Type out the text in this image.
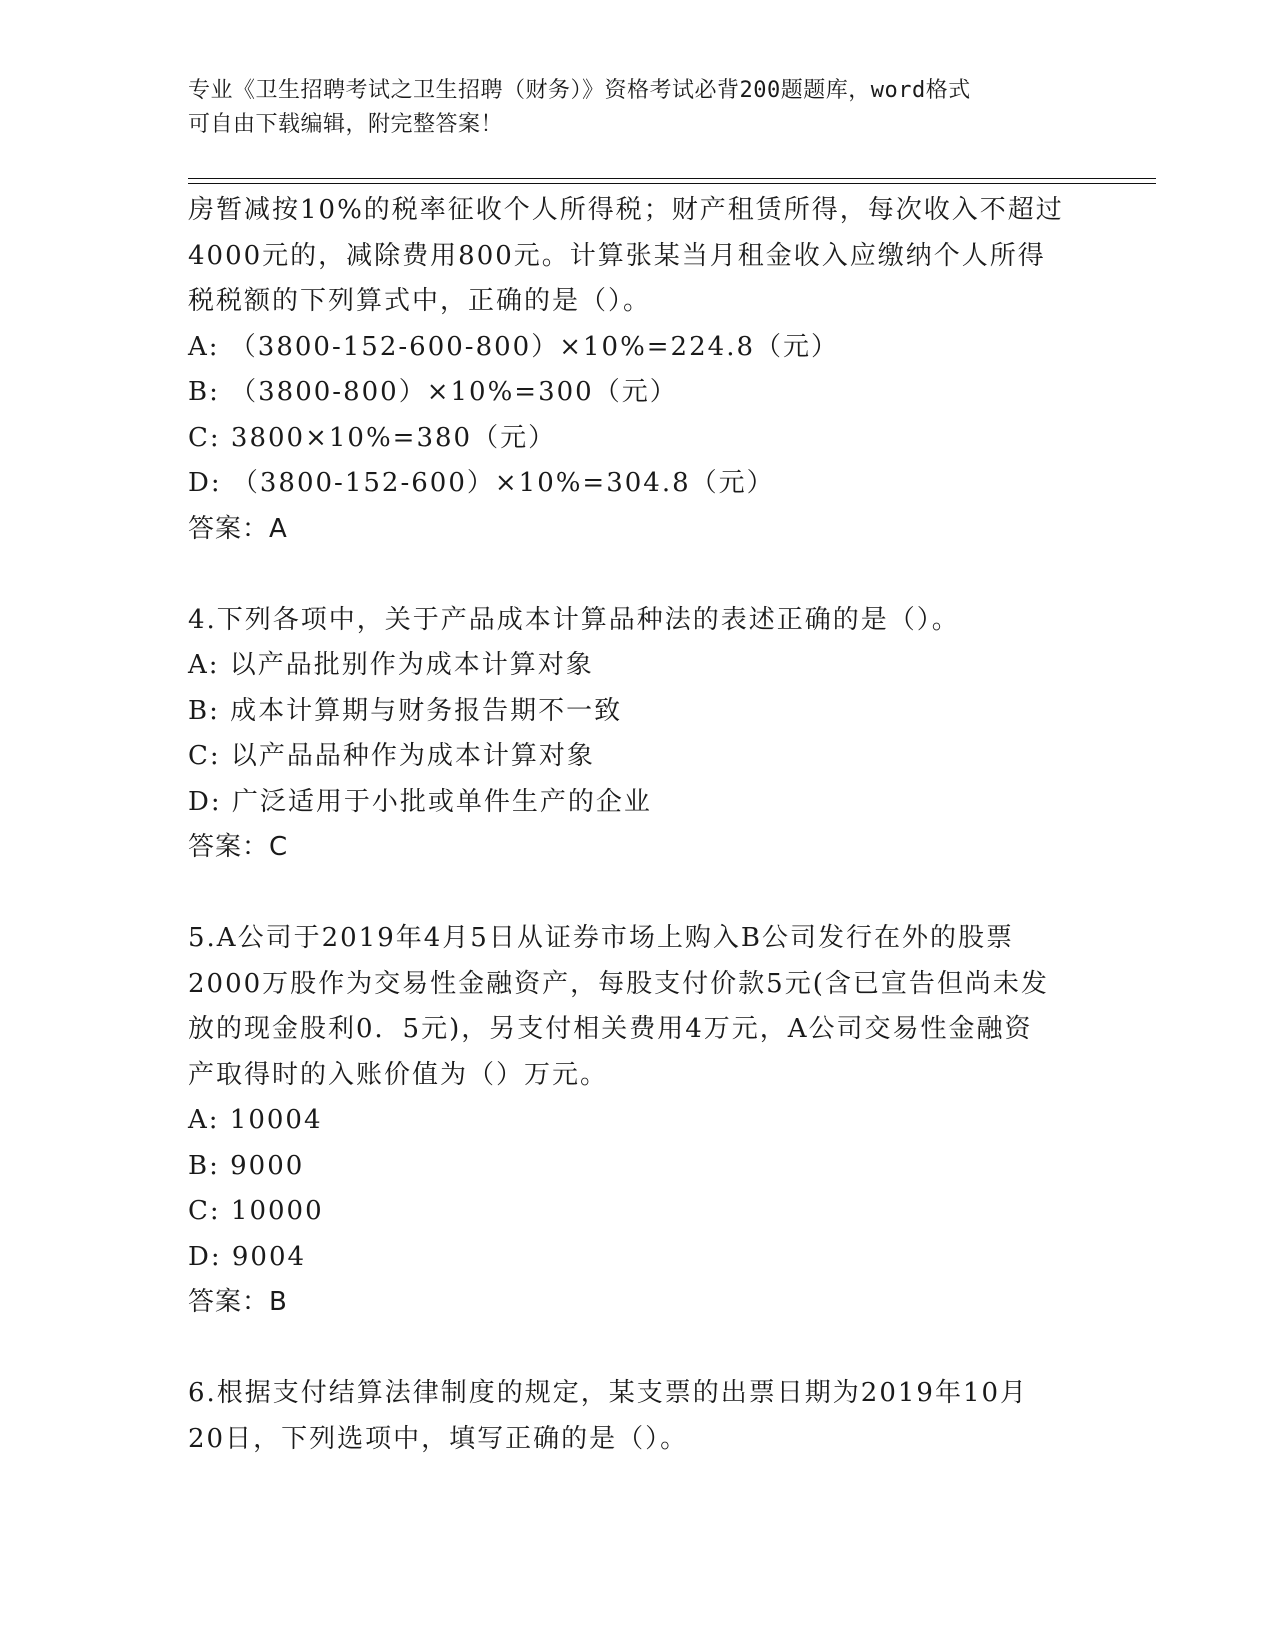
专业《卫生招聘考试之卫生招聘（财务）》资格考试必背200题题库，word格式
可自由下载编辑，附完整答案！
房暂减按10%的税率征收个人所得税；财产租赁所得，每次收入不超过
4000元的，减除费用800元。计算张某当月租金收入应缴纳个人所得
税税额的下列算式中，正确的是（）。
A: （3800-152-600-800）×10%=224.8（元）
B: （3800-800）×10%=300（元）
C: 3800×10%=380（元）
D: （3800-152-600）×10%=304.8（元）
答案：A
4.下列各项中，关于产品成本计算品种法的表述正确的是（）。
A: 以产品批别作为成本计算对象
B: 成本计算期与财务报告期不一致
C: 以产品品种作为成本计算对象
D: 广泛适用于小批或单件生产的企业
答案：C
5.A公司于2019年4月5日从证券市场上购入B公司发行在外的股票
2000万股作为交易性金融资产，每股支付价款5元(含已宣告但尚未发
放的现金股利0．5元)，另支付相关费用4万元，A公司交易性金融资
产取得时的入账价值为（）万元。
A: 10004
B: 9000
C: 10000
D: 9004
答案：B
6.根据支付结算法律制度的规定，某支票的出票日期为2019年10月
20日，下列选项中，填写正确的是（）。
